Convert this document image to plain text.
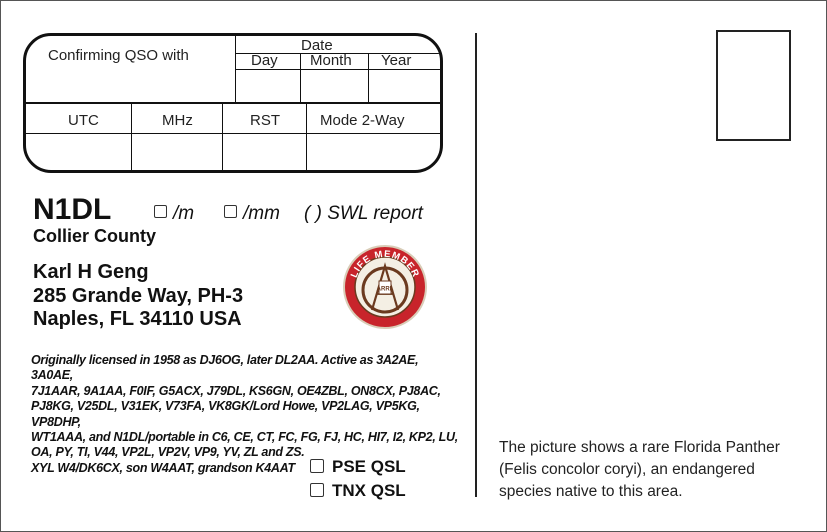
Confirming QSO with
Date
Day Month Year
UTC	MHz	RST	Mode 2-Way
N1DL	/m	/mm ( ) SWL report
Collier County
Karl H Geng
285 Grande Way, PH-3
Naples, FL 34110 USA
LIFE MEMBER
ARRL
Originally licensed in 1958 as DJ6OG, later DL2AA. Active as 3A2AE, 3A0AE,
7J1AAR, 9A1AA, F0IF, G5ACX, J79DL, KS6GN, OE4ZBL, ON8CX, PJ8AC,
PJ8KG, V25DL, V31EK, V73FA, VK8GK/Lord Howe, VP2LAG, VP5KG, VP8DHP,
WT1AAA, and N1DL/portable in C6, CE, CT, FC, FG, FJ, HC, HI7, I2, KP2, LU,
OA, PY, TI, V44, VP2L, VP2V, VP9, YV, ZL and ZS.
XYL W4/DK6CX, son W4AAT, grandson K4AAT	PSE QSL
TNX QSL
The picture shows a rare Florida Panther (Felis concolor coryi), an endangered species native to this area.
